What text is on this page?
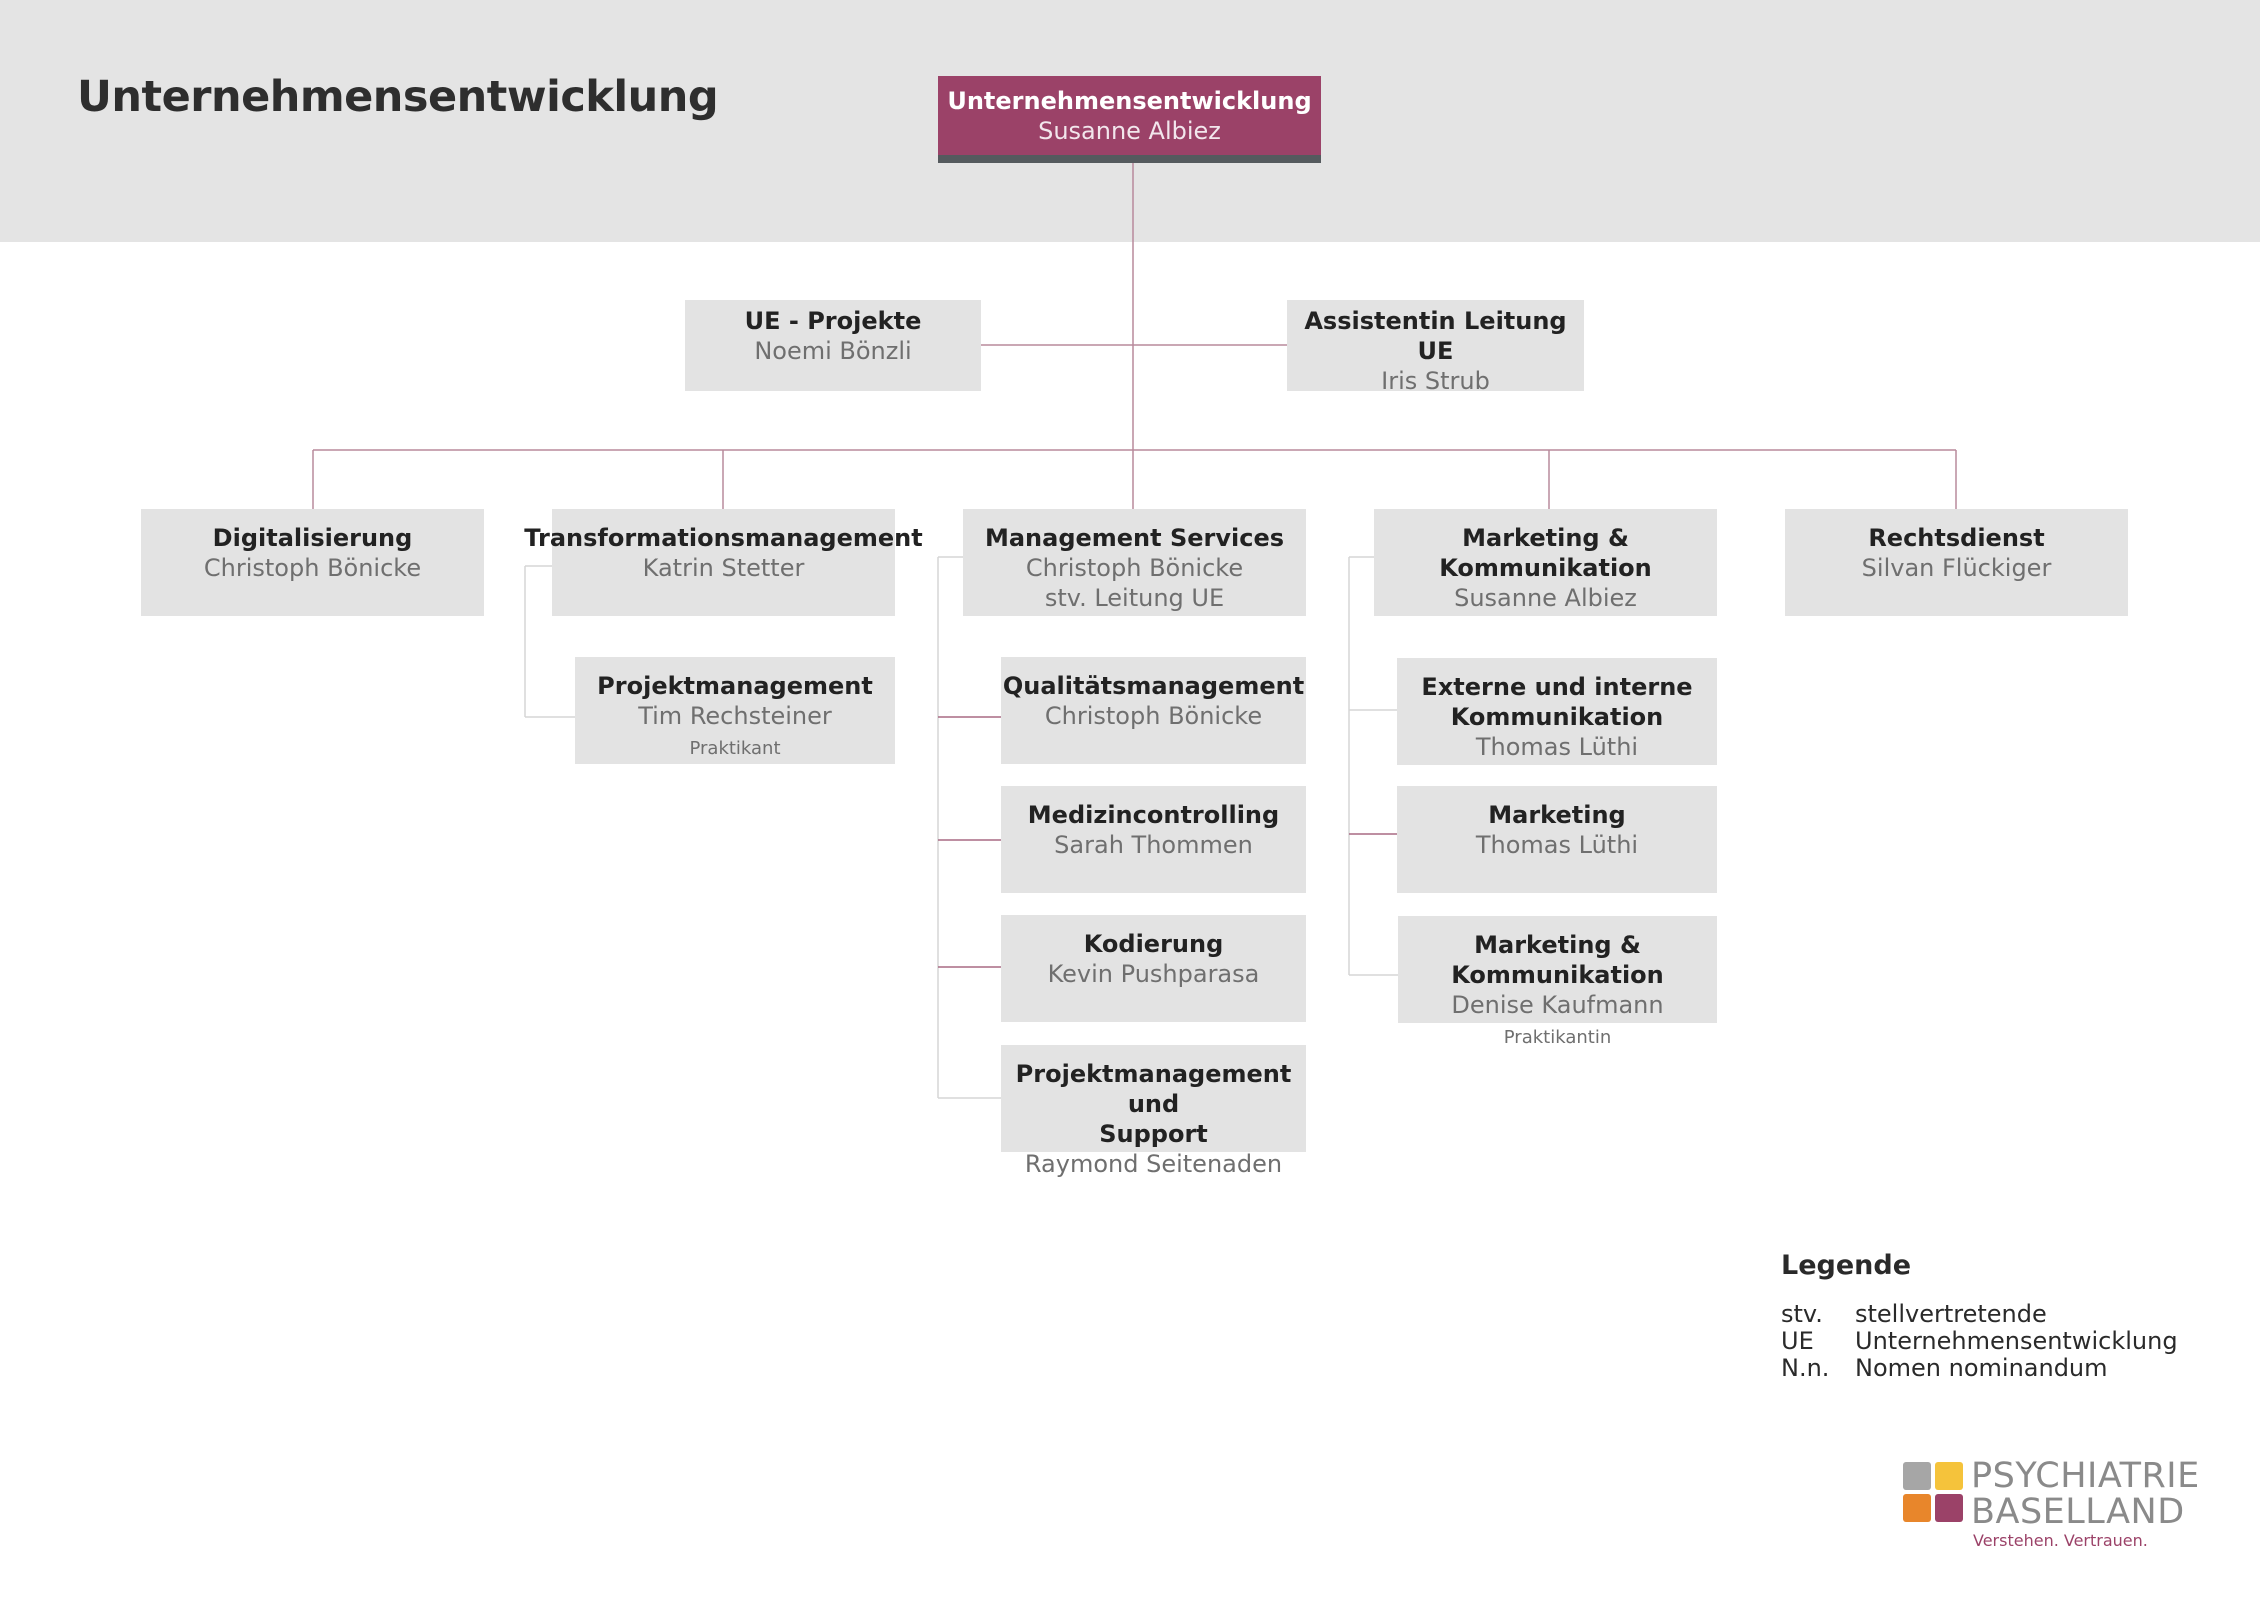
Unternehmensentwicklung	Unternehmensentwicklung
Susanne Albiez
UE - Projekte
Noemi Bönzli
Assistentin Leitung UE
Iris Strub
Digitalisierung
Christoph Bönicke
Transformationsmanagement
Katrin Stetter
Management Services
Christoph Bönicke
stv. Leitung UE
Marketing & Kommunikation
Susanne Albiez
Rechtsdienst
Silvan Flückiger
Projektmanagement
Tim Rechsteiner
Praktikant
Qualitätsmanagement
Christoph Bönicke
Medizincontrolling
Sarah Thommen
Kodierung
Kevin Pushparasa
Projektmanagement und
Support
Raymond Seitenaden
Externe und interne
Kommunikation
Thomas Lüthi
Marketing
Thomas Lüthi
Marketing & Kommunikation
Denise Kaufmann
Praktikantin
Legende
stv.	stellvertretende
UE	Unternehmensentwicklung
N.n.	Nomen nominandum
PSYCHIATRIE
BASELLAND
Verstehen. Vertrauen.
